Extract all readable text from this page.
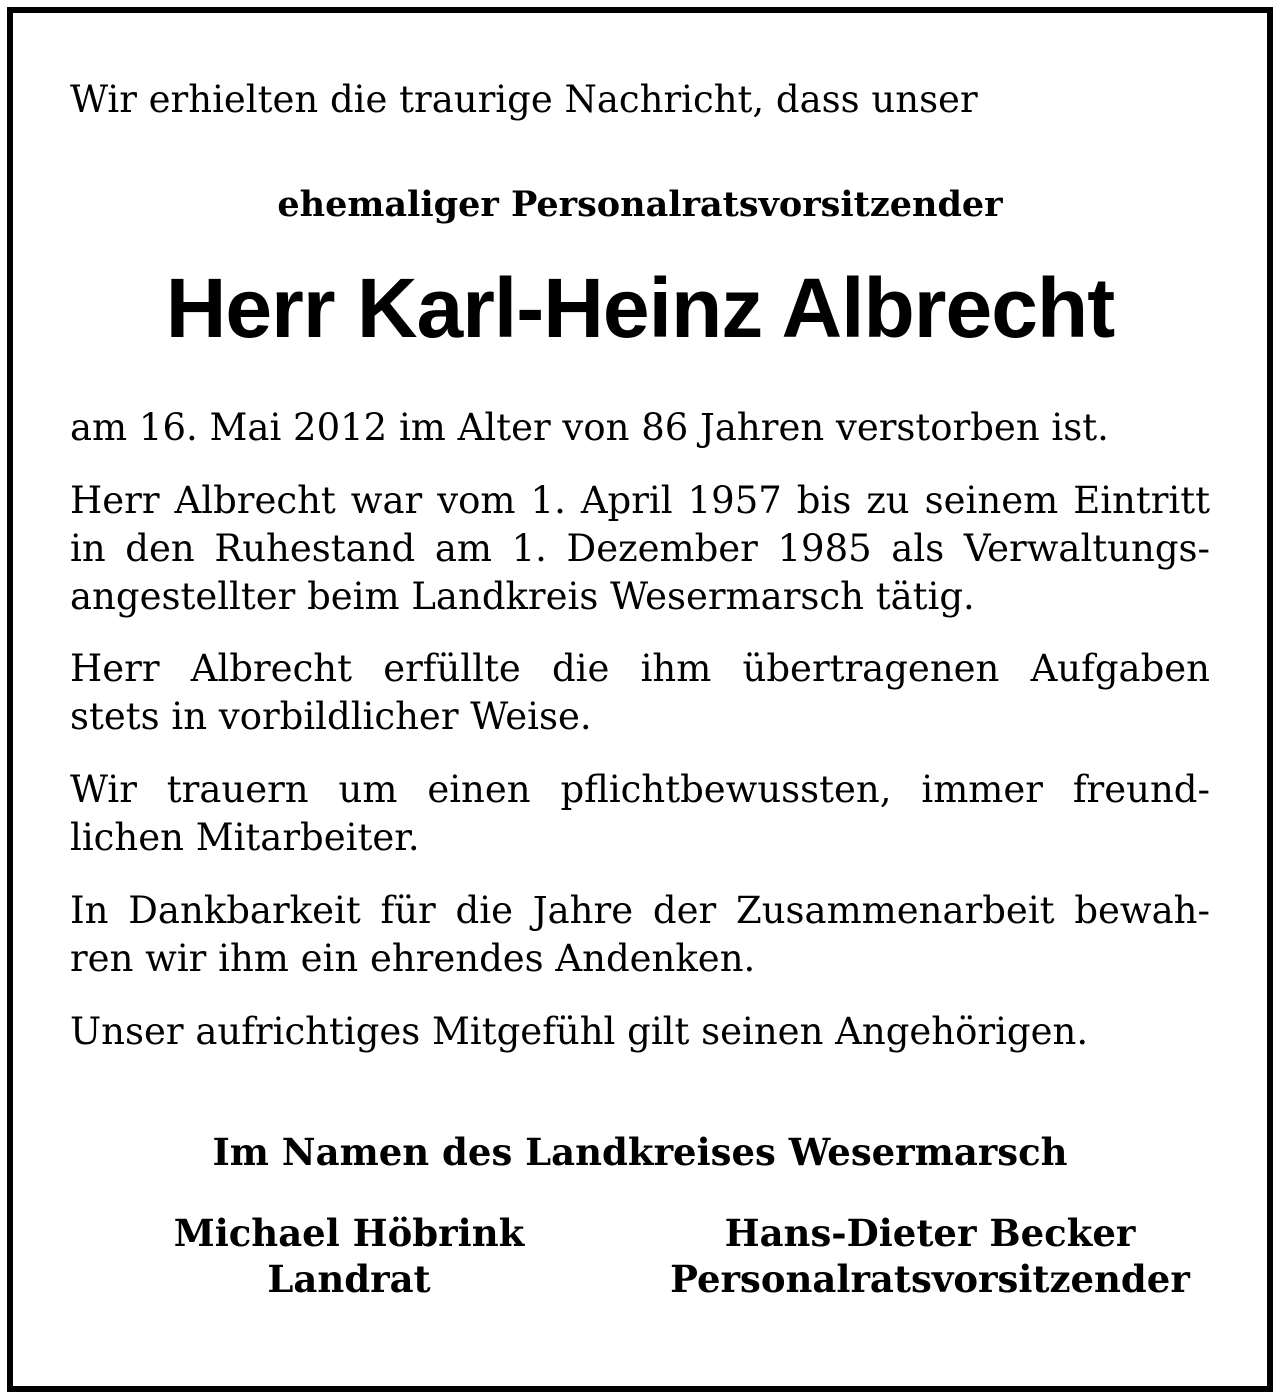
Wir erhielten die traurige Nachricht, dass unser

ehemaliger Personalratsvorsitzender

Herr Karl-Heinz Albrecht

am 16. Mai 2012 im Alter von 86 Jahren verstorben ist.

Herr Albrecht war vom 1. April 1957 bis zu seinem Eintritt

in den Ruhestand am 1. Dezember 1985 als Verwaltungs-

angestellter beim Landkreis Wesermarsch tätig.

Herr Albrecht erfüllte die ihm übertragenen Aufgaben

stets in vorbildlicher Weise.

Wir trauern um einen pflichtbewussten, immer freund-

lichen Mitarbeiter.

In Dankbarkeit für die Jahre der Zusammenarbeit bewah-

ren wir ihm ein ehrendes Andenken.

Unser aufrichtiges Mitgefühl gilt seinen Angehörigen.

Im Namen des Landkreises Wesermarsch

Michael Höbrink
Landrat
Hans-Dieter Becker
Personalratsvorsitzender
